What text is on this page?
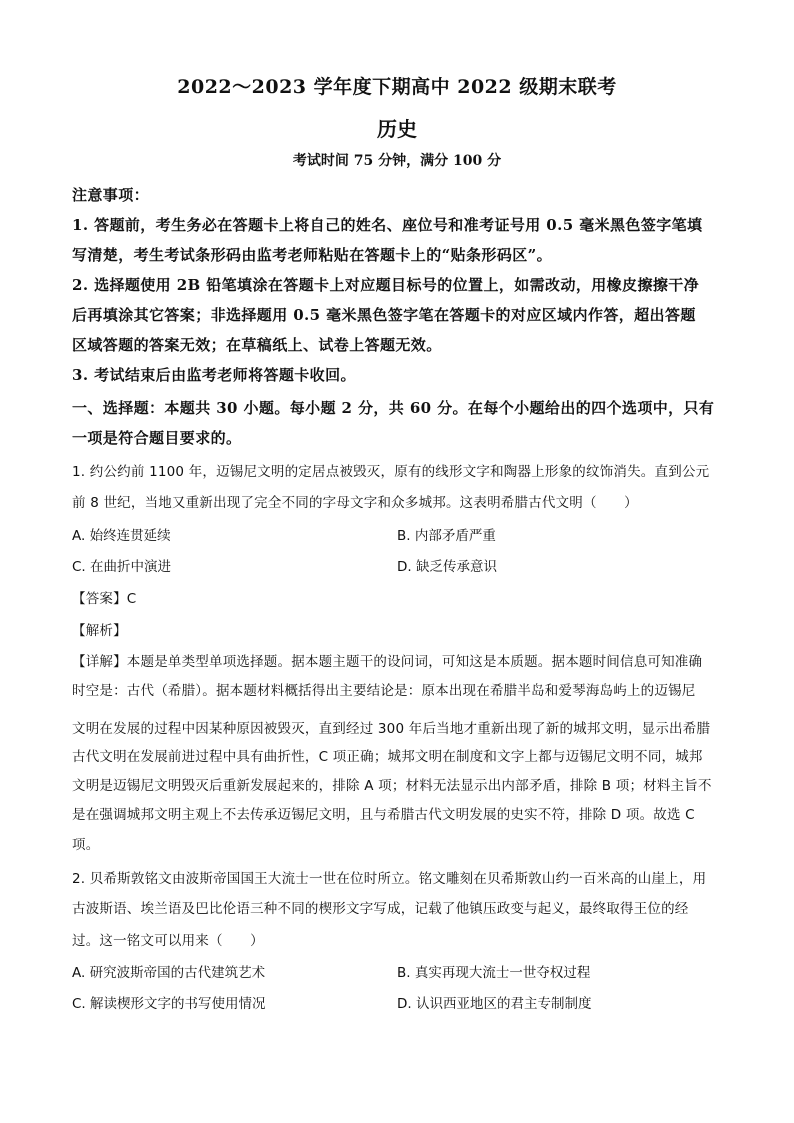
2022～2023 学年度下期高中 2022 级期末联考
历史
考试时间 75 分钟，满分 100 分
注意事项：
1. 答题前，考生务必在答题卡上将自己的姓名、座位号和准考证号用 0.5 毫米黑色签字笔填
写清楚，考生考试条形码由监考老师粘贴在答题卡上的“贴条形码区”。
2. 选择题使用 2B 铅笔填涂在答题卡上对应题目标号的位置上，如需改动，用橡皮擦擦干净
后再填涂其它答案；非选择题用 0.5 毫米黑色签字笔在答题卡的对应区域内作答，超出答题
区域答题的答案无效；在草稿纸上、试卷上答题无效。
3. 考试结束后由监考老师将答题卡收回。
一、选择题：本题共 30 小题。每小题 2 分，共 60 分。在每个小题给出的四个选项中，只有
一项是符合题目要求的。
1. 约公约前 1100 年，迈锡尼文明的定居点被毁灭，原有的线形文字和陶器上形象的纹饰消失。直到公元
前 8 世纪，当地又重新出现了完全不同的字母文字和众多城邦。这表明希腊古代文明（　　）
A. 始终连贯延续	B. 内部矛盾严重
C. 在曲折中演进	D. 缺乏传承意识
【答案】C
【解析】
【详解】本题是单类型单项选择题。据本题主题干的设问词，可知这是本质题。据本题时间信息可知准确
时空是：古代（希腊）。据本题材料概括得出主要结论是：原本出现在希腊半岛和爱琴海岛屿上的迈锡尼
文明在发展的过程中因某种原因被毁灭，直到经过 300 年后当地才重新出现了新的城邦文明，显示出希腊
古代文明在发展前进过程中具有曲折性，C 项正确；城邦文明在制度和文字上都与迈锡尼文明不同，城邦
文明是迈锡尼文明毁灭后重新发展起来的，排除 A 项；材料无法显示出内部矛盾，排除 B 项；材料主旨不
是在强调城邦文明主观上不去传承迈锡尼文明，且与希腊古代文明发展的史实不符，排除 D 项。故选 C
项。
2. 贝希斯敦铭文由波斯帝国国王大流士一世在位时所立。铭文雕刻在贝希斯敦山约一百米高的山崖上，用
古波斯语、埃兰语及巴比伦语三种不同的楔形文字写成，记载了他镇压政变与起义，最终取得王位的经
过。这一铭文可以用来（　　）
A. 研究波斯帝国的古代建筑艺术	B. 真实再现大流士一世夺权过程
C. 解读楔形文字的书写使用情况	D. 认识西亚地区的君主专制制度
